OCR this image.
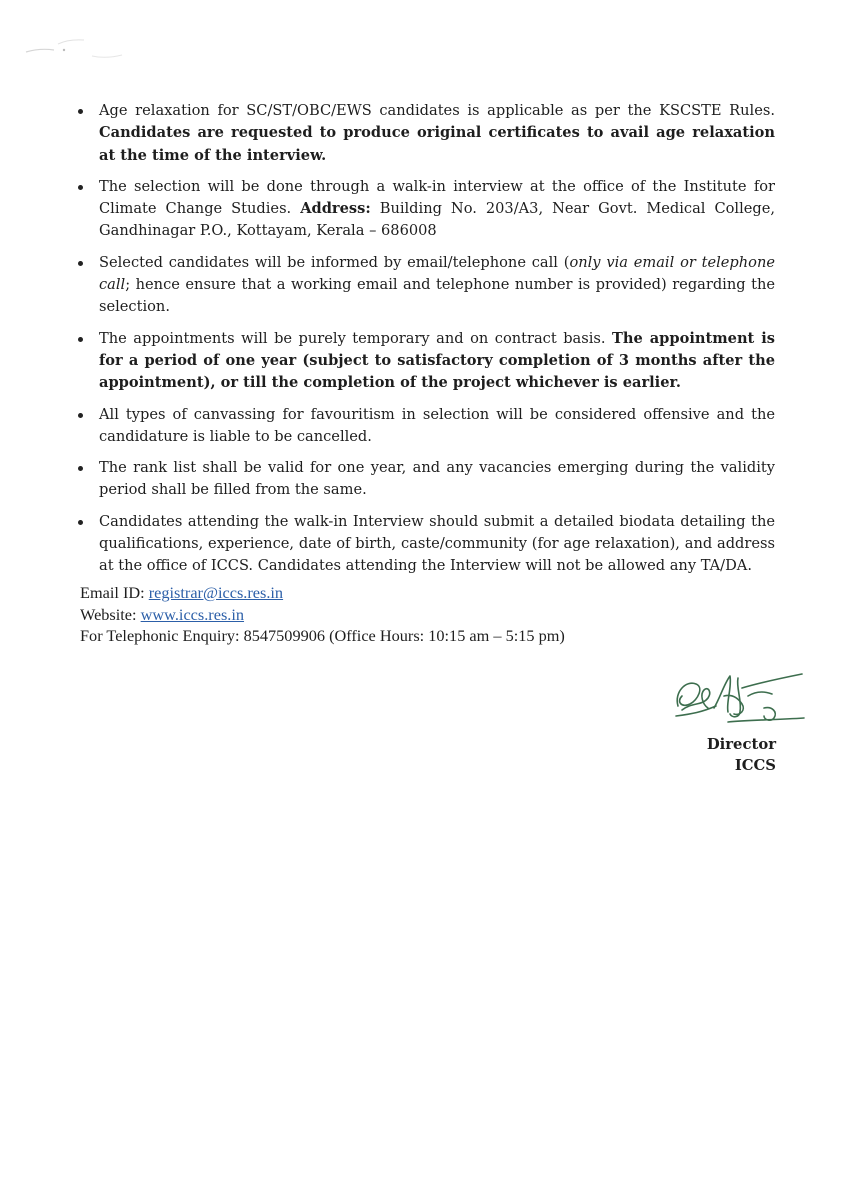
Age relaxation for SC/ST/OBC/EWS candidates is applicable as per the KSCSTE Rules. Candidates are requested to produce original certificates to avail age relaxation at the time of the interview.
The selection will be done through a walk-in interview at the office of the Institute for Climate Change Studies. Address: Building No. 203/A3, Near Govt. Medical College, Gandhinagar P.O., Kottayam, Kerala – 686008
Selected candidates will be informed by email/telephone call (only via email or telephone call; hence ensure that a working email and telephone number is provided) regarding the selection.
The appointments will be purely temporary and on contract basis. The appointment is for a period of one year (subject to satisfactory completion of 3 months after the appointment), or till the completion of the project whichever is earlier.
All types of canvassing for favouritism in selection will be considered offensive and the candidature is liable to be cancelled.
The rank list shall be valid for one year, and any vacancies emerging during the validity period shall be filled from the same.
Candidates attending the walk-in Interview should submit a detailed biodata detailing the qualifications, experience, date of birth, caste/community (for age relaxation), and address at the office of ICCS. Candidates attending the Interview will not be allowed any TA/DA.
Email ID: registrar@iccs.res.in
Website: www.iccs.res.in
For Telephonic Enquiry: 8547509906 (Office Hours: 10:15 am – 5:15 pm)
Director
ICCS
